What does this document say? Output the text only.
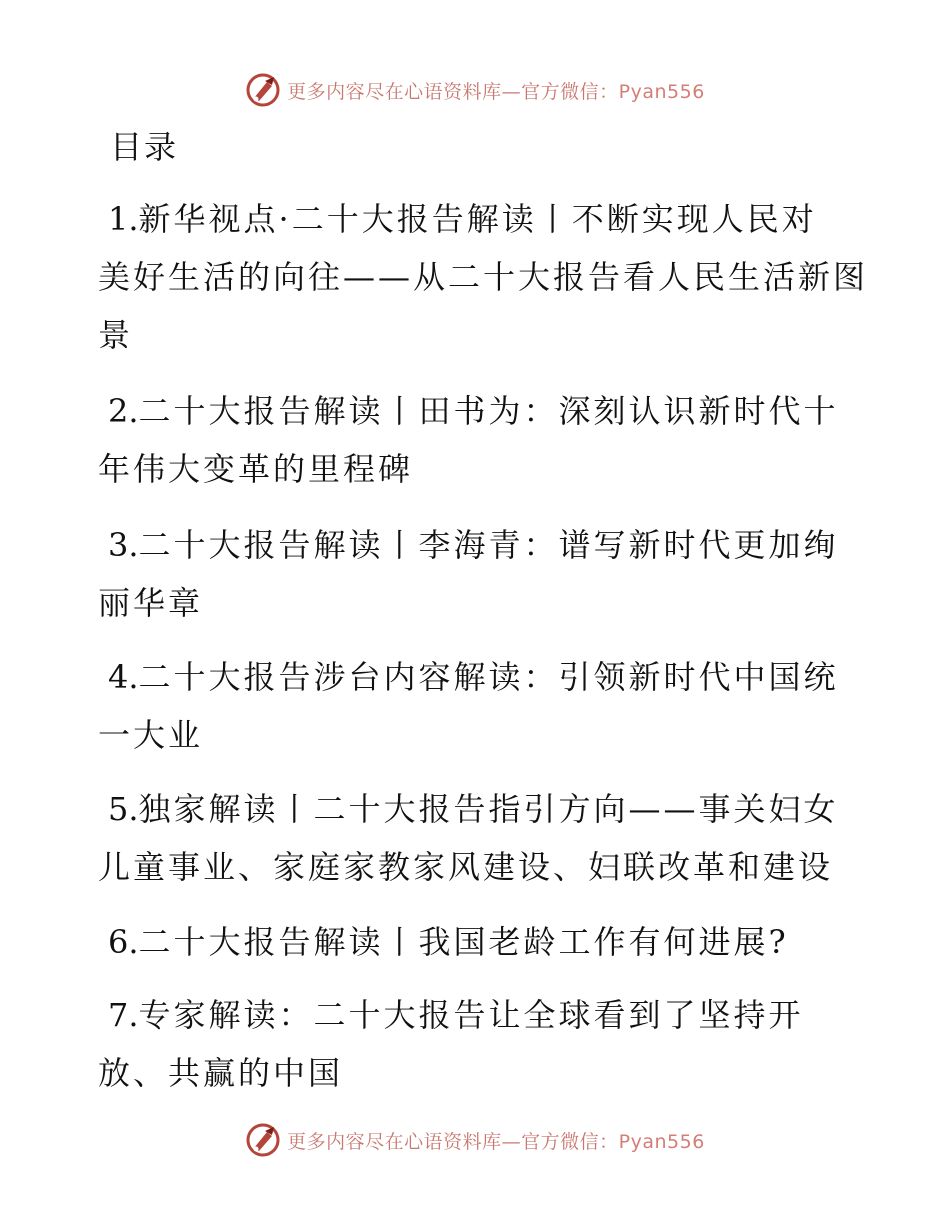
更多内容尽在心语资料库—官方微信：Pyan556
目录
1.新华视点·二十大报告解读丨不断实现人民对
美好生活的向往——从二十大报告看人民生活新图
景
2.二十大报告解读丨田书为：深刻认识新时代十
年伟大变革的里程碑
3.二十大报告解读丨李海青：谱写新时代更加绚
丽华章
4.二十大报告涉台内容解读：引领新时代中国统
一大业
5.独家解读丨二十大报告指引方向——事关妇女
儿童事业、家庭家教家风建设、妇联改革和建设
6.二十大报告解读丨我国老龄工作有何进展?
7.专家解读：二十大报告让全球看到了坚持开
放、共赢的中国
更多内容尽在心语资料库—官方微信：Pyan556
